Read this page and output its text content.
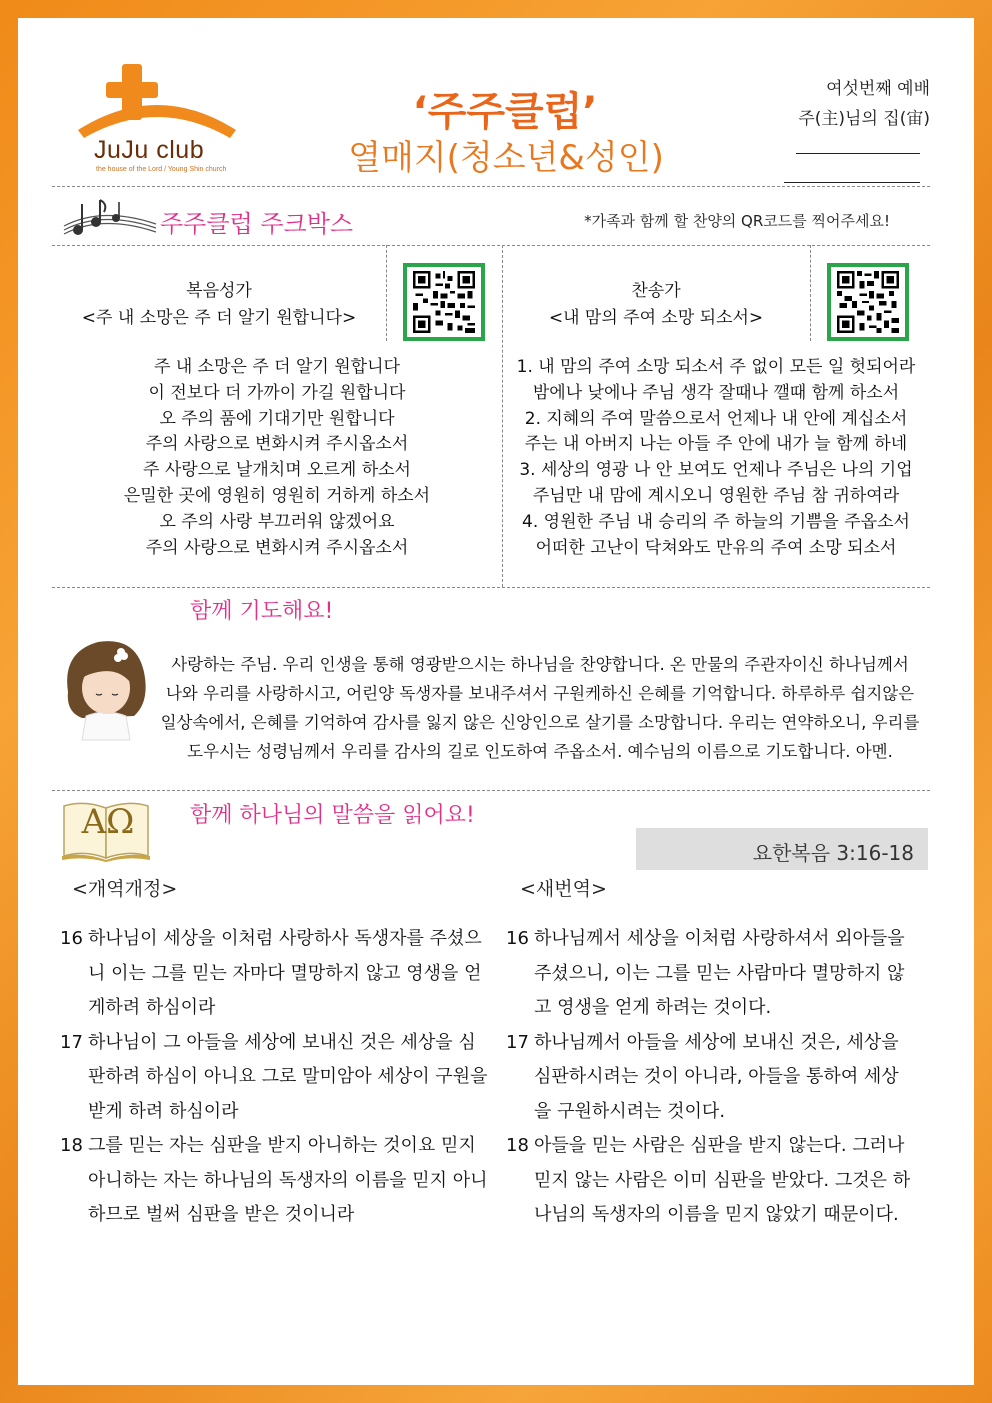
JuJu club
the house of the Lord / Young Shin church
‘주주클럽’
열매지(청소년&성인)
여섯번째 예배
주(主)님의 집(宙)
주주클럽 주크박스	*가족과 함께 할 찬양의 QR코드를 찍어주세요!
복음성가
<주 내 소망은 주 더 알기 원합니다>
주 내 소망은 주 더 알기 원합니다
이 전보다 더 가까이 가길 원합니다
오 주의 품에 기대기만 원합니다
주의 사랑으로 변화시켜 주시옵소서
주 사랑으로 날개치며 오르게 하소서
은밀한 곳에 영원히 영원히 거하게 하소서
오 주의 사랑 부끄러워 않겠어요
주의 사랑으로 변화시켜 주시옵소서
찬송가
<내 맘의 주여 소망 되소서>
1. 내 맘의 주여 소망 되소서 주 없이 모든 일 헛되어라
밤에나 낮에나 주님 생각 잘때나 깰때 함께 하소서
2. 지혜의 주여 말씀으로서 언제나 내 안에 계십소서
주는 내 아버지 나는 아들 주 안에 내가 늘 함께 하네
3. 세상의 영광 나 안 보여도 언제나 주님은 나의 기업
주님만 내 맘에 계시오니 영원한 주님 참 귀하여라
4. 영원한 주님 내 승리의 주 하늘의 기쁨을 주옵소서
어떠한 고난이 닥쳐와도 만유의 주여 소망 되소서
함께 기도해요!
사랑하는 주님. 우리 인생을 통해 영광받으시는 하나님을 찬양합니다. 온 만물의 주관자이신 하나님께서
나와 우리를 사랑하시고, 어린양 독생자를 보내주셔서 구원케하신 은혜를 기억합니다. 하루하루 쉽지않은
일상속에서, 은혜를 기억하여 감사를 잃지 않은 신앙인으로 살기를 소망합니다. 우리는 연약하오니, 우리를
도우시는 성령님께서 우리를 감사의 길로 인도하여 주옵소서. 예수님의 이름으로 기도합니다. 아멘.
AΩ	함께 하나님의 말씀을 읽어요!
요한복음 3:16-18
<개역개정>	<새번역>
16 하나님이 세상을 이처럼 사랑하사 독생자를 주셨으니 이는 그를 믿는 자마다 멸망하지 않고 영생을 얻게하려 하심이라
17 하나님이 그 아들을 세상에 보내신 것은 세상을 심판하려 하심이 아니요 그로 말미암아 세상이 구원을 받게 하려 하심이라
18 그를 믿는 자는 심판을 받지 아니하는 것이요 믿지 아니하는 자는 하나님의 독생자의 이름을 믿지 아니하므로 벌써 심판을 받은 것이니라
16 하나님께서 세상을 이처럼 사랑하셔서 외아들을 주셨으니, 이는 그를 믿는 사람마다 멸망하지 않고 영생을 얻게 하려는 것이다.
17 하나님께서 아들을 세상에 보내신 것은, 세상을 심판하시려는 것이 아니라, 아들을 통하여 세상을 구원하시려는 것이다.
18 아들을 믿는 사람은 심판을 받지 않는다. 그러나 믿지 않는 사람은 이미 심판을 받았다. 그것은 하나님의 독생자의 이름을 믿지 않았기 때문이다.
